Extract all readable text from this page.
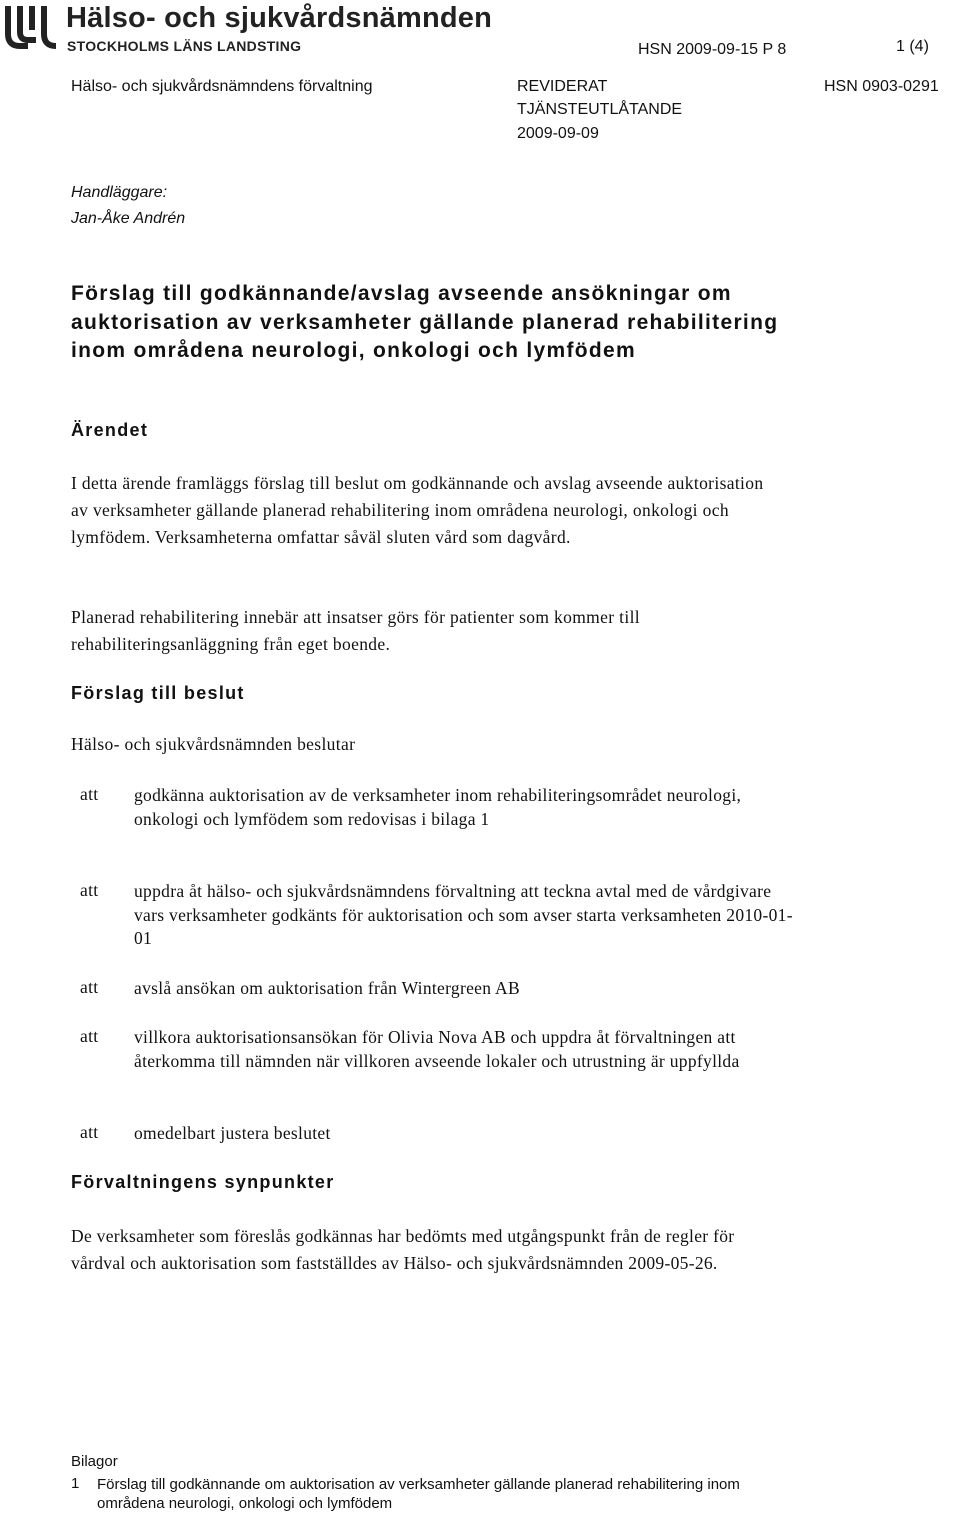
Hälso- och sjukvårdsnämnden
STOCKHOLMS LÄNS LANDSTING	HSN 2009-09-15 P 8	1 (4)
Hälso- och sjukvårdsnämndens förvaltning	REVIDERAT
TJÄNSTEUTLÅTANDE
2009-09-09
HSN 0903-0291
Handläggare:
Jan-Åke Andrén
Förslag till godkännande/avslag avseende ansökningar om auktorisation av verksamheter gällande planerad rehabilitering inom områdena neurologi, onkologi och lymfödem
Ärendet

I detta ärende framläggs förslag till beslut om godkännande och avslag avseende auktorisation av verksamheter gällande planerad rehabilitering inom områdena neurologi, onkologi och lymfödem. Verksamheterna omfattar såväl sluten vård som dagvård.

Planerad rehabilitering innebär att insatser görs för patienter som kommer till rehabiliteringsanläggning från eget boende.

Förslag till beslut
Hälso- och sjukvårdsnämnden beslutar
att godkänna auktorisation av de verksamheter inom rehabiliteringsområdet neurologi, onkologi och lymfödem som redovisas i bilaga 1

att uppdra åt hälso- och sjukvårdsnämndens förvaltning att teckna avtal med de vårdgivare vars verksamheter godkänts för auktorisation och som avser starta verksamheten 2010-01-01

att avslå ansökan om auktorisation från Wintergreen AB

att villkora auktorisationsansökan för Olivia Nova AB och uppdra åt förvaltningen att återkomma till nämnden när villkoren avseende lokaler och utrustning är uppfyllda

att omedelbart justera beslutet

Förvaltningens synpunkter

De verksamheter som föreslås godkännas har bedömts med utgångspunkt från de regler för vårdval och auktorisation som fastställdes av Hälso- och sjukvårdsnämnden 2009-05-26.

Bilagor
1 Förslag till godkännande om auktorisation av verksamheter gällande planerad rehabilitering inom områdena neurologi, onkologi och lymfödem
